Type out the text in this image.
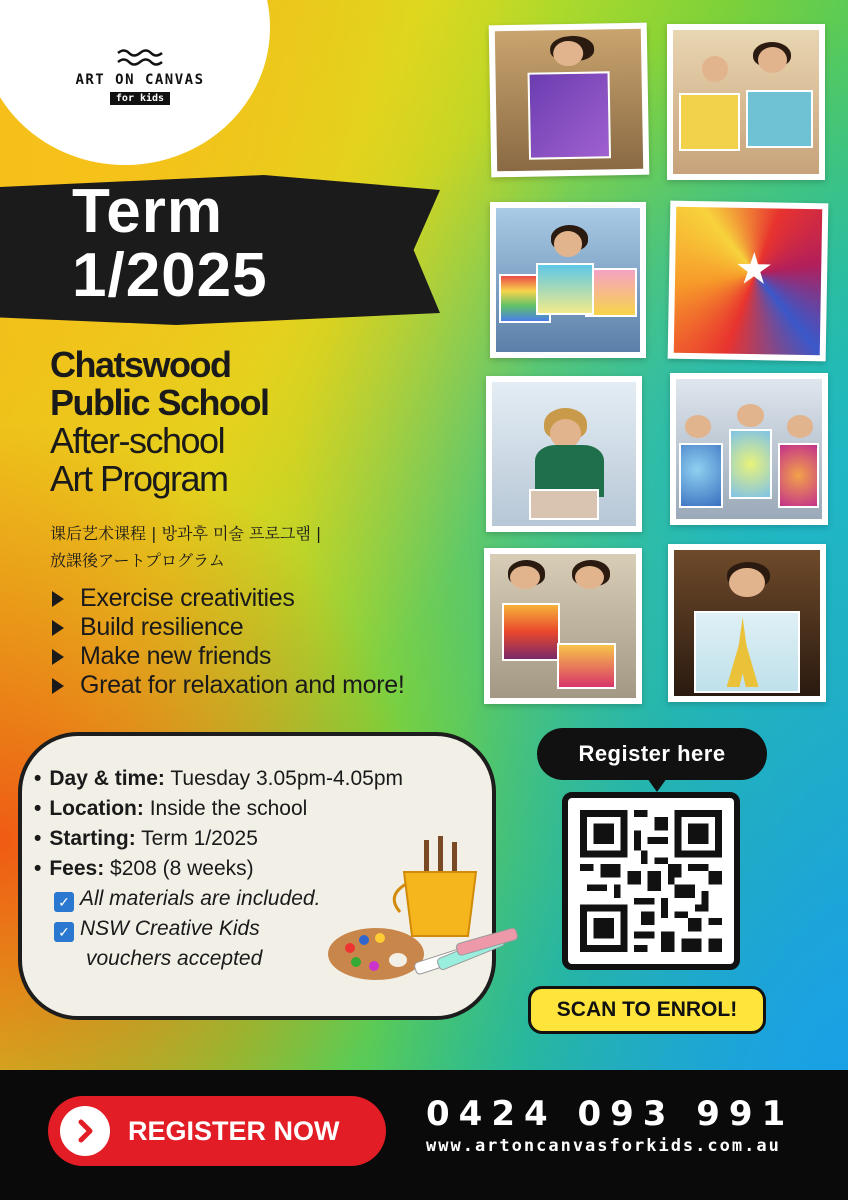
ART ON CANVAS
for kids
Term
1/2025
Chatswood
Public School
After-school
Art Program
课后艺术课程 | 방과후 미술 프로그램 |
放課後アートプログラム
Exercise creativities
Build resilience
Make new friends
Great for relaxation and more!
• Day & time: Tuesday 3.05pm-4.05pm
• Location: Inside the school
• Starting: Term 1/2025
• Fees: $208 (8 weeks)
✓ All materials are included.
✓ NSW Creative Kids
vouchers accepted
Register here
SCAN TO ENROL!
REGISTER NOW	0424 093 991
www.artoncanvasforkids.com.au
